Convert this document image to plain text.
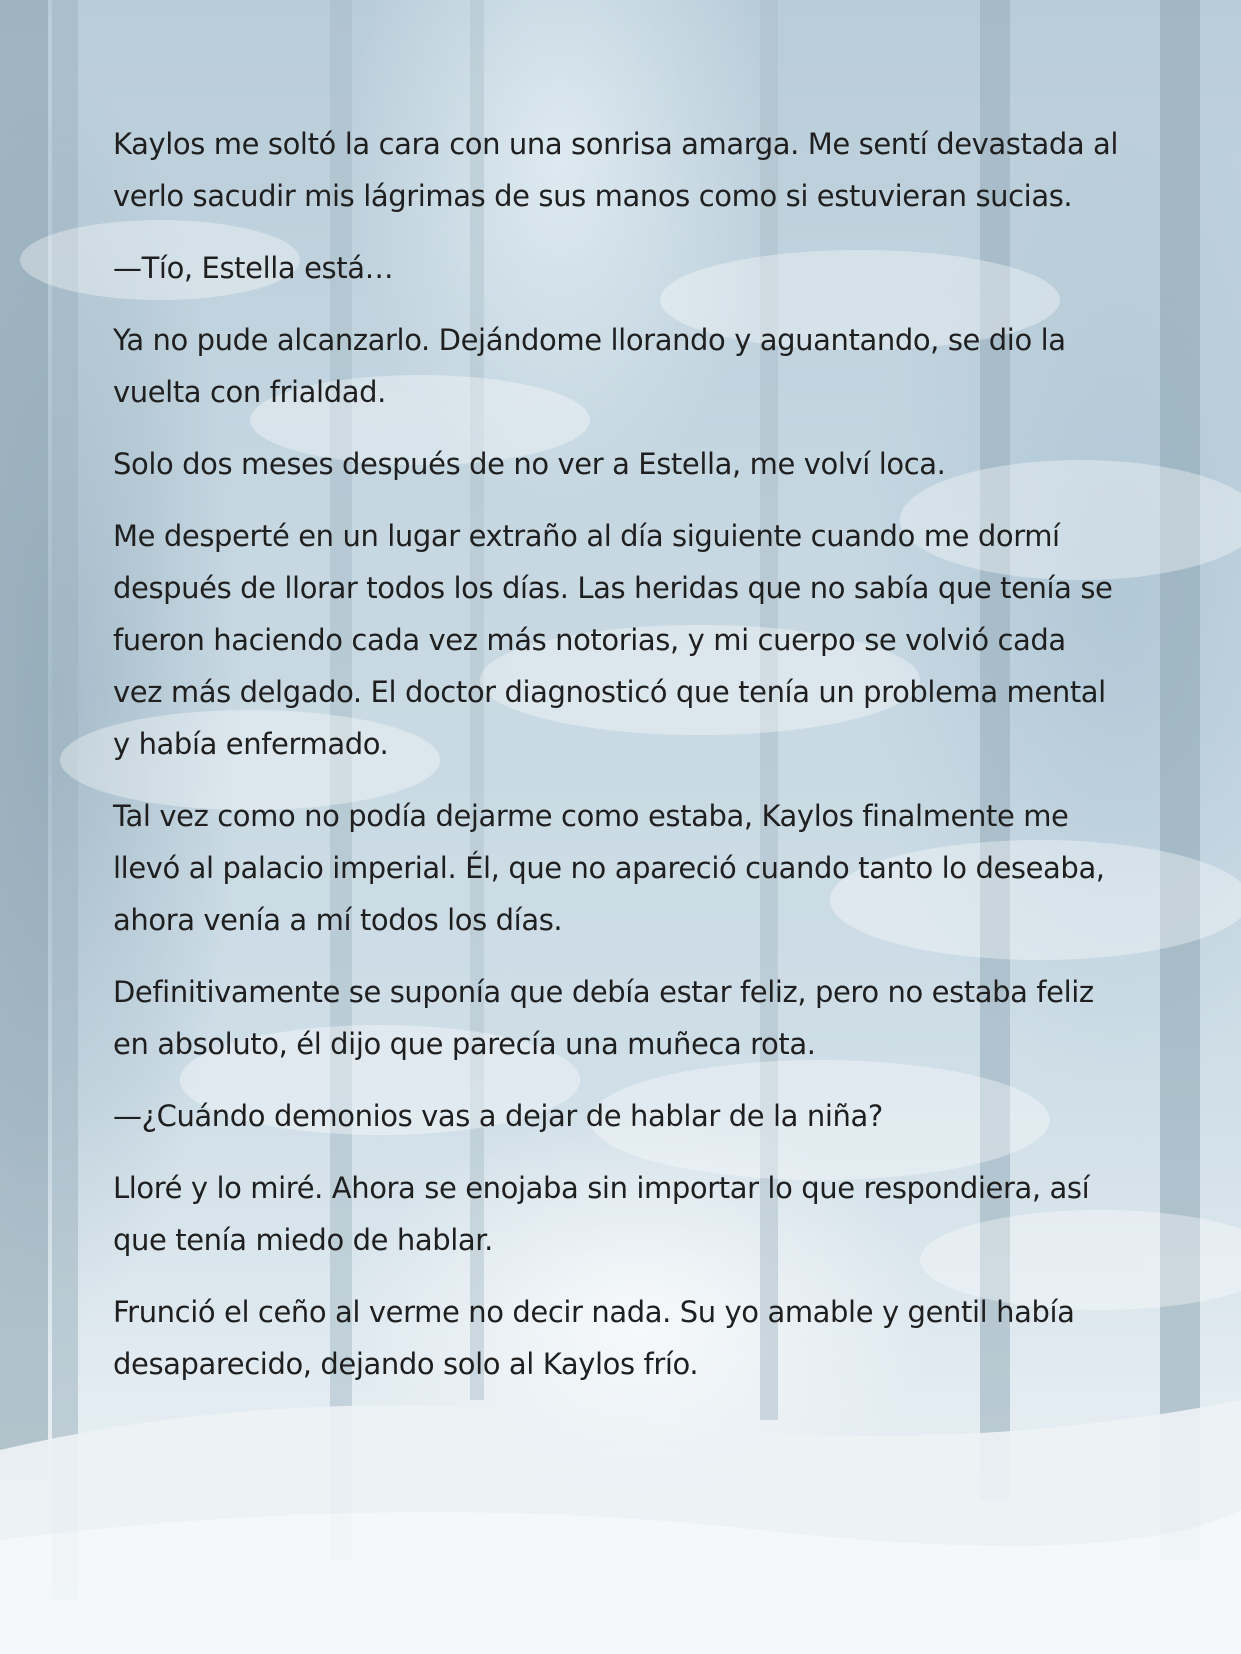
Kaylos me soltó la cara con una sonrisa amarga. Me sentí devastada al verlo sacudir mis lágrimas de sus manos como si estuvieran sucias.

—Tío, Estella está…

Ya no pude alcanzarlo. Dejándome llorando y aguantando, se dio la vuelta con frialdad.

Solo dos meses después de no ver a Estella, me volví loca.

Me desperté en un lugar extraño al día siguiente cuando me dormí después de llorar todos los días. Las heridas que no sabía que tenía se fueron haciendo cada vez más notorias, y mi cuerpo se volvió cada vez más delgado. El doctor diagnosticó que tenía un problema mental y había enfermado.

Tal vez como no podía dejarme como estaba, Kaylos finalmente me llevó al palacio imperial. Él, que no apareció cuando tanto lo deseaba, ahora venía a mí todos los días.

Definitivamente se suponía que debía estar feliz, pero no estaba feliz en absoluto, él dijo que parecía una muñeca rota.

—¿Cuándo demonios vas a dejar de hablar de la niña?

Lloré y lo miré. Ahora se enojaba sin importar lo que respondiera, así que tenía miedo de hablar.

Frunció el ceño al verme no decir nada. Su yo amable y gentil había desaparecido, dejando solo al Kaylos frío.
